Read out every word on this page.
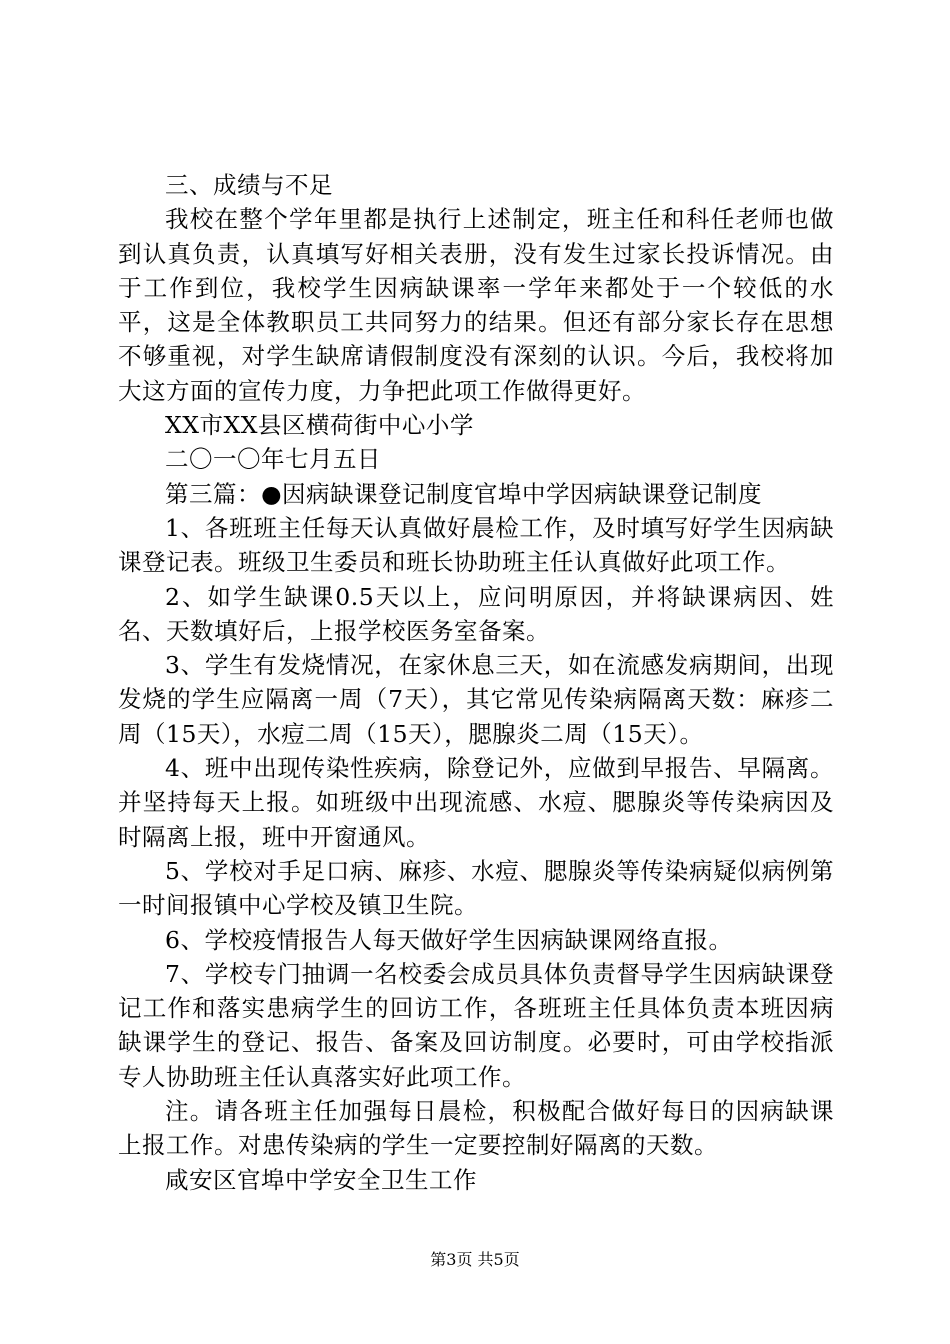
三、成绩与不足

我校在整个学年里都是执行上述制定，班主任和科任老师也做到认真负责，认真填写好相关表册，没有发生过家长投诉情况。由于工作到位，我校学生因病缺课率一学年来都处于一个较低的水平，这是全体教职员工共同努力的结果。但还有部分家长存在思想不够重视，对学生缺席请假制度没有深刻的认识。今后，我校将加大这方面的宣传力度，力争把此项工作做得更好。

XX市XX县区横荷街中心小学

二〇一〇年七月五日

第三篇：●因病缺课登记制度官埠中学因病缺课登记制度

1、各班班主任每天认真做好晨检工作，及时填写好学生因病缺课登记表。班级卫生委员和班长协助班主任认真做好此项工作。

2、如学生缺课0.5天以上，应问明原因，并将缺课病因、姓名、天数填好后，上报学校医务室备案。

3、学生有发烧情况，在家休息三天，如在流感发病期间，出现发烧的学生应隔离一周（7天），其它常见传染病隔离天数：麻疹二周（15天），水痘二周（15天），腮腺炎二周（15天）。

4、班中出现传染性疾病，除登记外，应做到早报告、早隔离。并坚持每天上报。如班级中出现流感、水痘、腮腺炎等传染病因及时隔离上报，班中开窗通风。

5、学校对手足口病、麻疹、水痘、腮腺炎等传染病疑似病例第一时间报镇中心学校及镇卫生院。

6、学校疫情报告人每天做好学生因病缺课网络直报。

7、学校专门抽调一名校委会成员具体负责督导学生因病缺课登记工作和落实患病学生的回访工作，各班班主任具体负责本班因病缺课学生的登记、报告、备案及回访制度。必要时，可由学校指派专人协助班主任认真落实好此项工作。

注。请各班主任加强每日晨检，积极配合做好每日的因病缺课上报工作。对患传染病的学生一定要控制好隔离的天数。

咸安区官埠中学安全卫生工作

第3页 共5页
